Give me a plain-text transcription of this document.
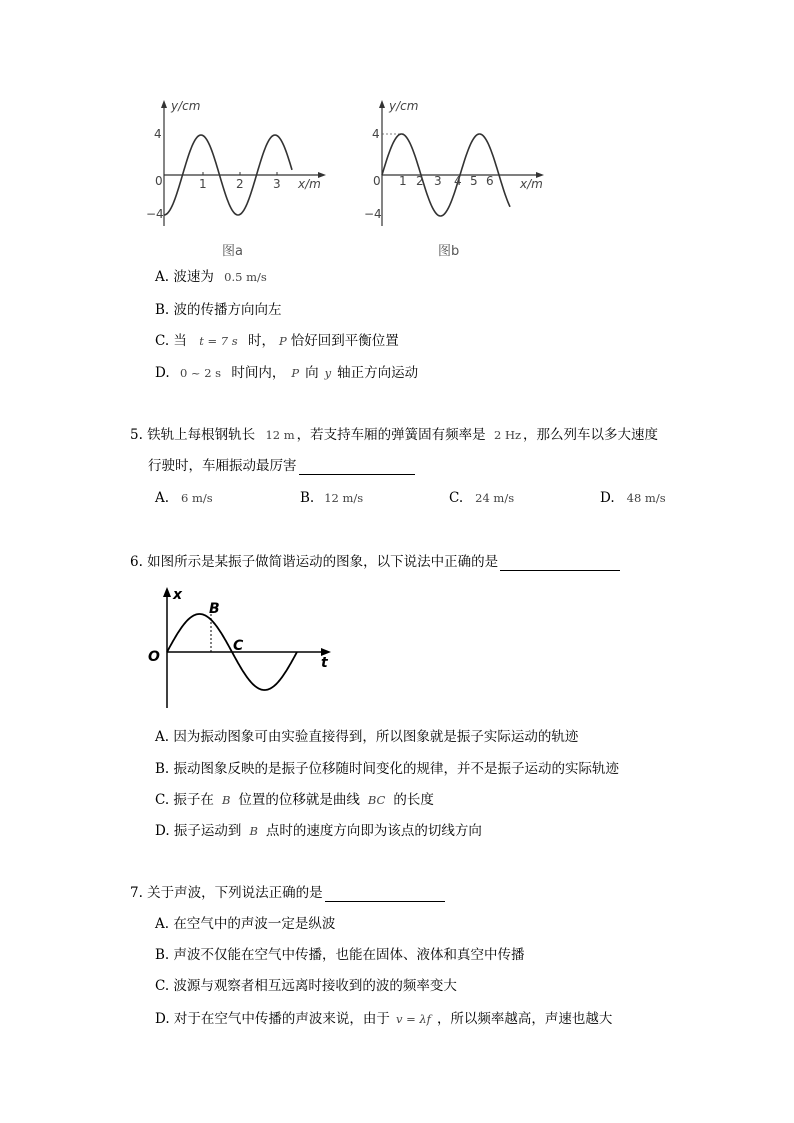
y/cm
x/m
4
−4
0	1 2 3
图a
y/cm
x/m
4
−4
0 1 2 3 4 5 6
图b
A. 波速为 0.5 m/s
B. 波的传播方向向左
C. 当 t = 7 s 时， P 恰好回到平衡位置
D. 0 ~ 2 s 时间内， P 向 y 轴正方向运动
5. 铁轨上每根钢轨长 12 m ，若支持车厢的弹簧固有频率是 2 Hz ，那么列车以多大速度
行驶时，车厢振动最厉害
A. 6 m/s	B. 12 m/s	C. 24 m/s	D. 48 m/s
6. 如图所示是某振子做简谐运动的图象，以下说法中正确的是
x
t
O
B
C
A. 因为振动图象可由实验直接得到，所以图象就是振子实际运动的轨迹
B. 振动图象反映的是振子位移随时间变化的规律，并不是振子运动的实际轨迹
C. 振子在 B 位置的位移就是曲线 BC 的长度
D. 振子运动到 B 点时的速度方向即为该点的切线方向
7. 关于声波，下列说法正确的是
A. 在空气中的声波一定是纵波
B. 声波不仅能在空气中传播，也能在固体、液体和真空中传播
C. 波源与观察者相互远离时接收到的波的频率变大
D. 对于在空气中传播的声波来说，由于 v = λf ，所以频率越高，声速也越大
